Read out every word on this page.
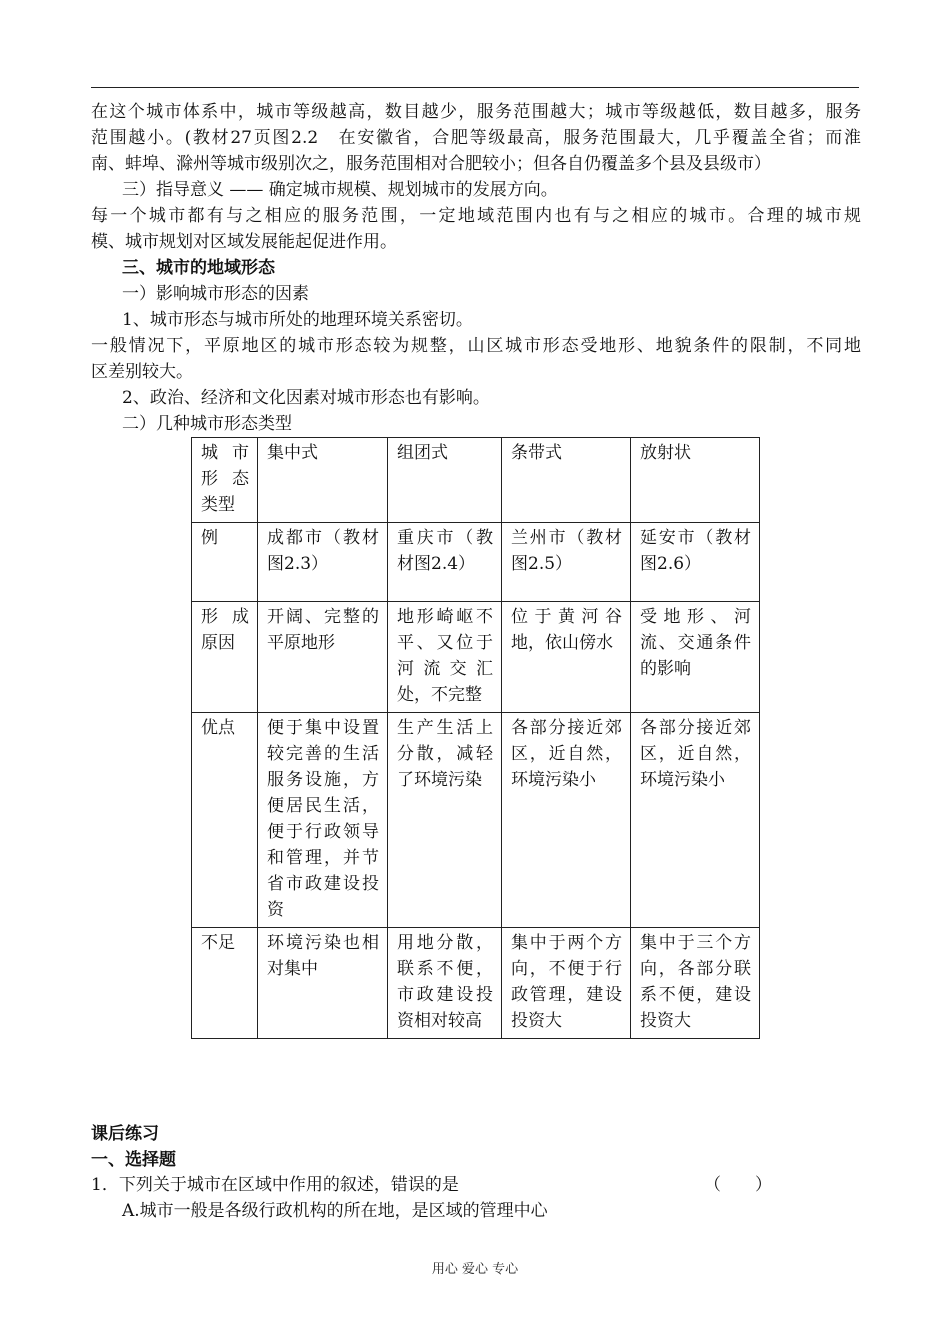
在这个城市体系中，城市等级越高，数目越少，服务范围越大；城市等级越低，数目越多，服务
范围越小。(教材27页图2.2　在安徽省，合肥等级最高，服务范围最大，几乎覆盖全省；而淮
南、蚌埠、滁州等城市级别次之，服务范围相对合肥较小；但各自仍覆盖多个县及县级市）
三）指导意义 —— 确定城市规模、规划城市的发展方向。
每一个城市都有与之相应的服务范围，一定地域范围内也有与之相应的城市。合理的城市规
模、城市规划对区域发展能起促进作用。
三、城市的地域形态
一）影响城市形态的因素
1、城市形态与城市所处的地理环境关系密切。
一般情况下，平原地区的城市形态较为规整，山区城市形态受地形、地貌条件的限制，不同地
区差别较大。
2、政治、经济和文化因素对城市形态也有影响。
二）几种城市形态类型
城市形态类型	集中式	组团式	条带式	放射状
例	成都市（教材图2.3）	重庆市（教材图2.4）	兰州市（教材图2.5）	延安市（教材图2.6）
形成原因	开阔、完整的平原地形	地形崎岖不平、又位于河流交汇处，不完整	位于黄河谷地，依山傍水	受地形、河流、交通条件的影响
优点	便于集中设置较完善的生活服务设施，方便居民生活，便于行政领导和管理，并节省市政建设投资	生产生活上分散，减轻了环境污染	各部分接近郊区，近自然，环境污染小	各部分接近郊区，近自然，环境污染小
不足	环境污染也相对集中	用地分散，联系不便，市政建设投资相对较高	集中于两个方向，不便于行政管理，建设投资大	集中于三个方向，各部分联系不便，建设投资大
课后练习
一、选择题
1．下列关于城市在区域中作用的叙述，错误的是	（　　）
A.城市一般是各级行政机构的所在地，是区域的管理中心
用心 爱心 专心
